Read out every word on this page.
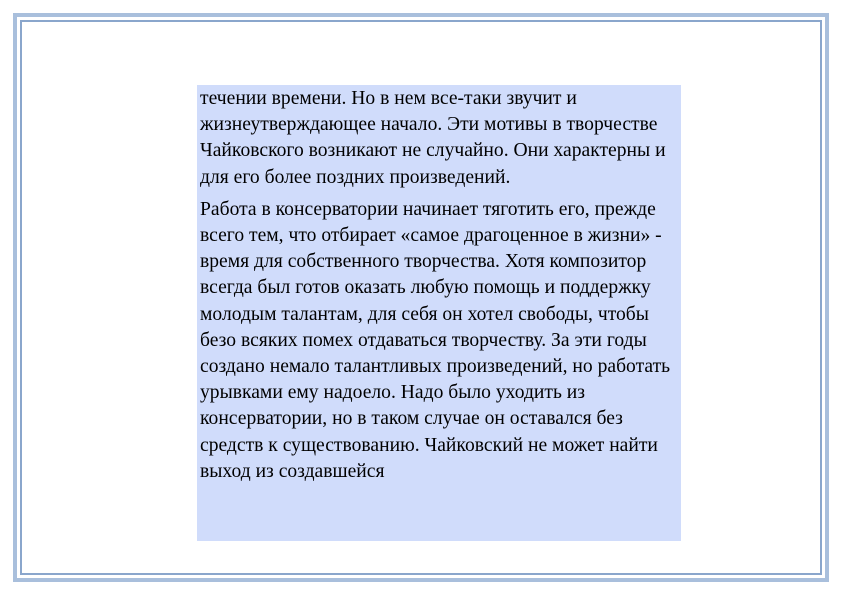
течении времени. Но в нем все-таки звучит и жизнеутверждающее начало. Эти мотивы в творчестве Чайковского возникают не случайно. Они характерны и для его более поздних произведений.

Работа в консерватории начинает тяготить его, прежде всего тем, что отбирает «самое драгоценное в жизни» - время для собственного творчества. Хотя композитор всегда был готов оказать любую помощь и поддержку молодым талантам, для себя он хотел свободы, чтобы безо всяких помех отдаваться творчеству. За эти годы создано немало талантливых произведений, но работать урывками ему надоело. Надо было уходить из консерватории, но в таком случае он оставался без средств к существованию. Чайковский не может найти выход из создавшейся
